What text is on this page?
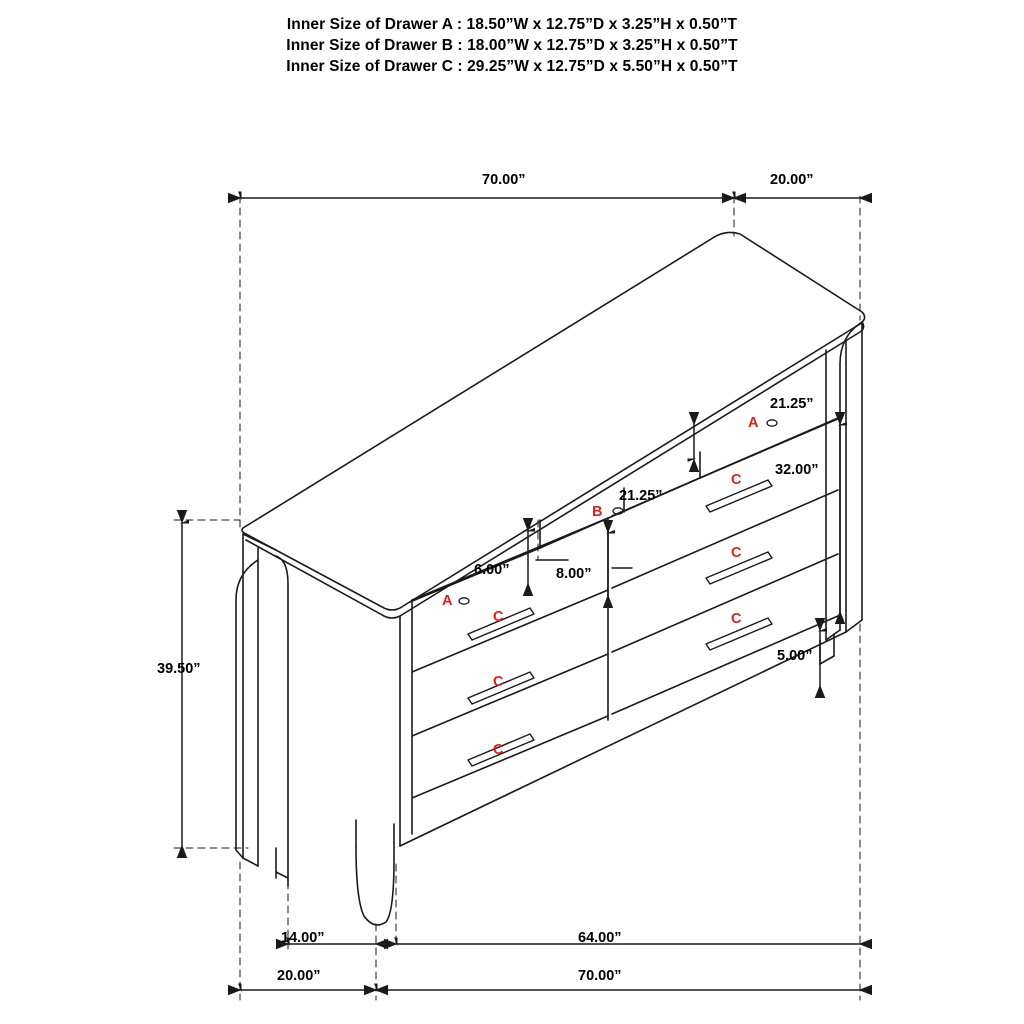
Inner Size of Drawer A : 18.50”W x 12.75”D x 3.25”H x 0.50”T
Inner Size of Drawer B : 18.00”W x 12.75”D x 3.25”H x 0.50”T
Inner Size of Drawer C : 29.25”W x 12.75”D x 5.50”H x 0.50”T
70.00”	20.00”
39.50”
21.25”
21.25”
32.00”
6.00”	8.00”
5.00”
14.00”
20.00”
64.00”
70.00”
A
B
A
C
C
C
C
C
C
